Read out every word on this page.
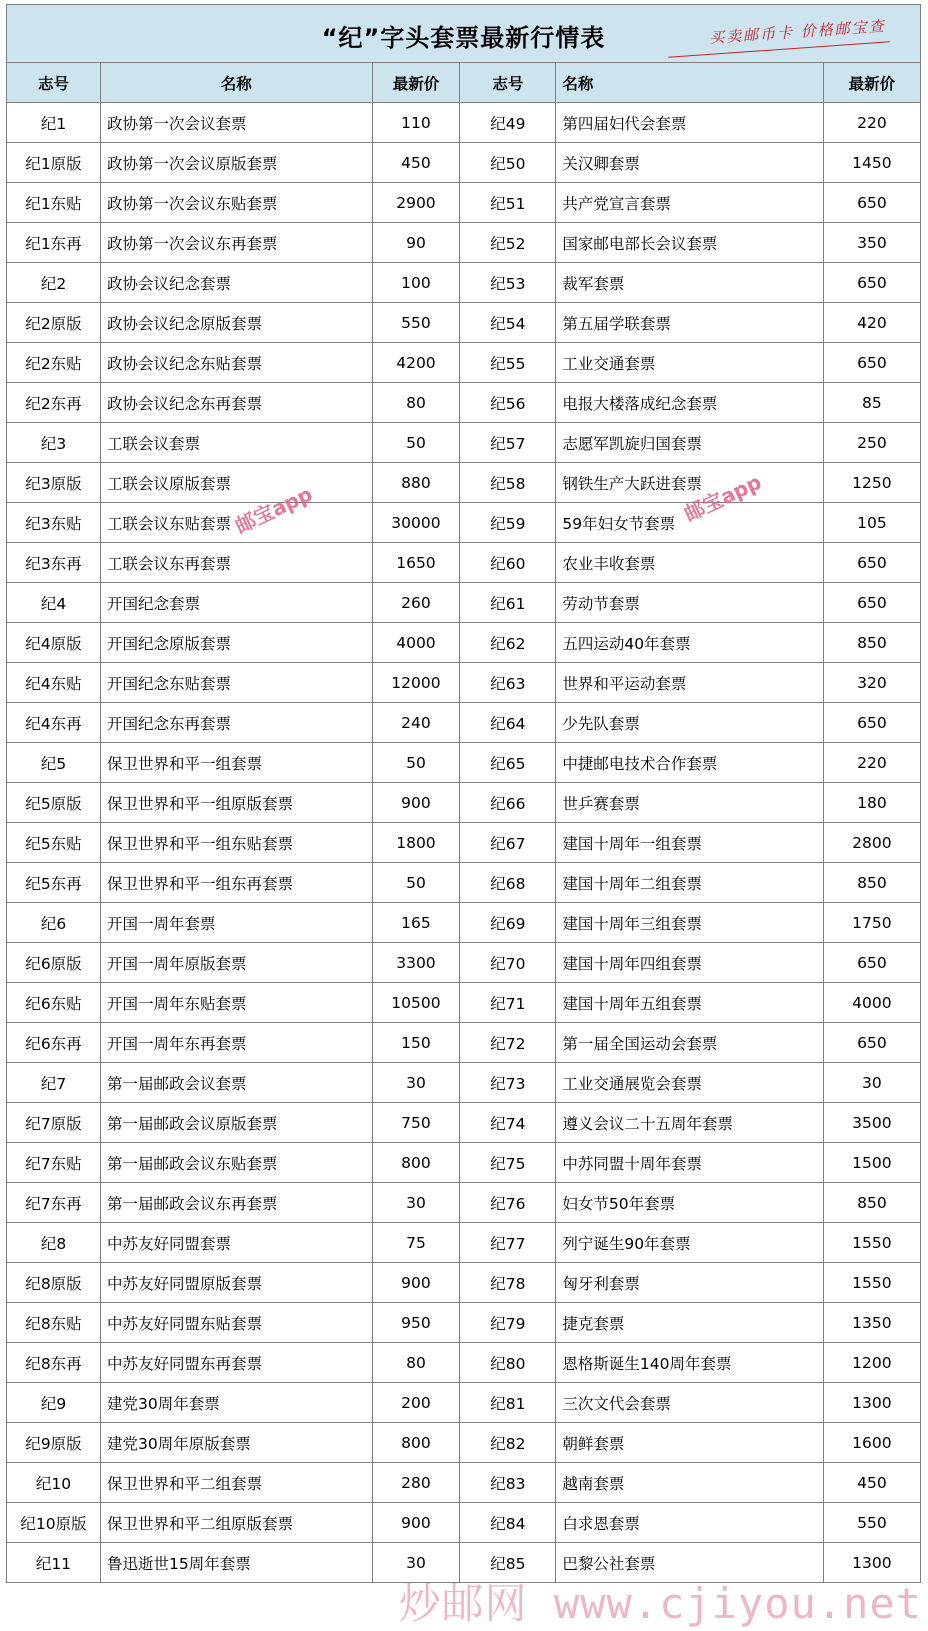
“纪”字头套票最新行情表	买卖邮币卡 价格邮宝查
志号	名称	最新价	志号	名称	最新价
纪1	政协第一次会议套票	110	纪49	第四届妇代会套票	220
纪1原版	政协第一次会议原版套票	450	纪50	关汉卿套票	1450
纪1东贴	政协第一次会议东贴套票	2900	纪51	共产党宣言套票	650
纪1东再	政协第一次会议东再套票	90	纪52	国家邮电部长会议套票	350
纪2	政协会议纪念套票	100	纪53	裁军套票	650
纪2原版	政协会议纪念原版套票	550	纪54	第五届学联套票	420
纪2东贴	政协会议纪念东贴套票	4200	纪55	工业交通套票	650
纪2东再	政协会议纪念东再套票	80	纪56	电报大楼落成纪念套票	85
纪3	工联会议套票	50	纪57	志愿军凯旋归国套票	250
纪3原版	工联会议原版套票	880	纪58	钢铁生产大跃进套票	1250
纪3东贴	工联会议东贴套票	30000	纪59	59年妇女节套票	105
纪3东再	工联会议东再套票	1650	纪60	农业丰收套票	650
纪4	开国纪念套票	260	纪61	劳动节套票	650
纪4原版	开国纪念原版套票	4000	纪62	五四运动40年套票	850
纪4东贴	开国纪念东贴套票	12000	纪63	世界和平运动套票	320
纪4东再	开国纪念东再套票	240	纪64	少先队套票	650
纪5	保卫世界和平一组套票	50	纪65	中捷邮电技术合作套票	220
纪5原版	保卫世界和平一组原版套票	900	纪66	世乒赛套票	180
纪5东贴	保卫世界和平一组东贴套票	1800	纪67	建国十周年一组套票	2800
纪5东再	保卫世界和平一组东再套票	50	纪68	建国十周年二组套票	850
纪6	开国一周年套票	165	纪69	建国十周年三组套票	1750
纪6原版	开国一周年原版套票	3300	纪70	建国十周年四组套票	650
纪6东贴	开国一周年东贴套票	10500	纪71	建国十周年五组套票	4000
纪6东再	开国一周年东再套票	150	纪72	第一届全国运动会套票	650
纪7	第一届邮政会议套票	30	纪73	工业交通展览会套票	30
纪7原版	第一届邮政会议原版套票	750	纪74	遵义会议二十五周年套票	3500
纪7东贴	第一届邮政会议东贴套票	800	纪75	中苏同盟十周年套票	1500
纪7东再	第一届邮政会议东再套票	30	纪76	妇女节50年套票	850
纪8	中苏友好同盟套票	75	纪77	列宁诞生90年套票	1550
纪8原版	中苏友好同盟原版套票	900	纪78	匈牙利套票	1550
纪8东贴	中苏友好同盟东贴套票	950	纪79	捷克套票	1350
纪8东再	中苏友好同盟东再套票	80	纪80	恩格斯诞生140周年套票	1200
纪9	建党30周年套票	200	纪81	三次文代会套票	1300
纪9原版	建党30周年原版套票	800	纪82	朝鲜套票	1600
纪10	保卫世界和平二组套票	280	纪83	越南套票	450
纪10原版	保卫世界和平二组原版套票	900	纪84	白求恩套票	550
纪11	鲁迅逝世15周年套票	30	纪85	巴黎公社套票	1300
邮宝app	邮宝app
炒邮网 www.cjiyou.net
